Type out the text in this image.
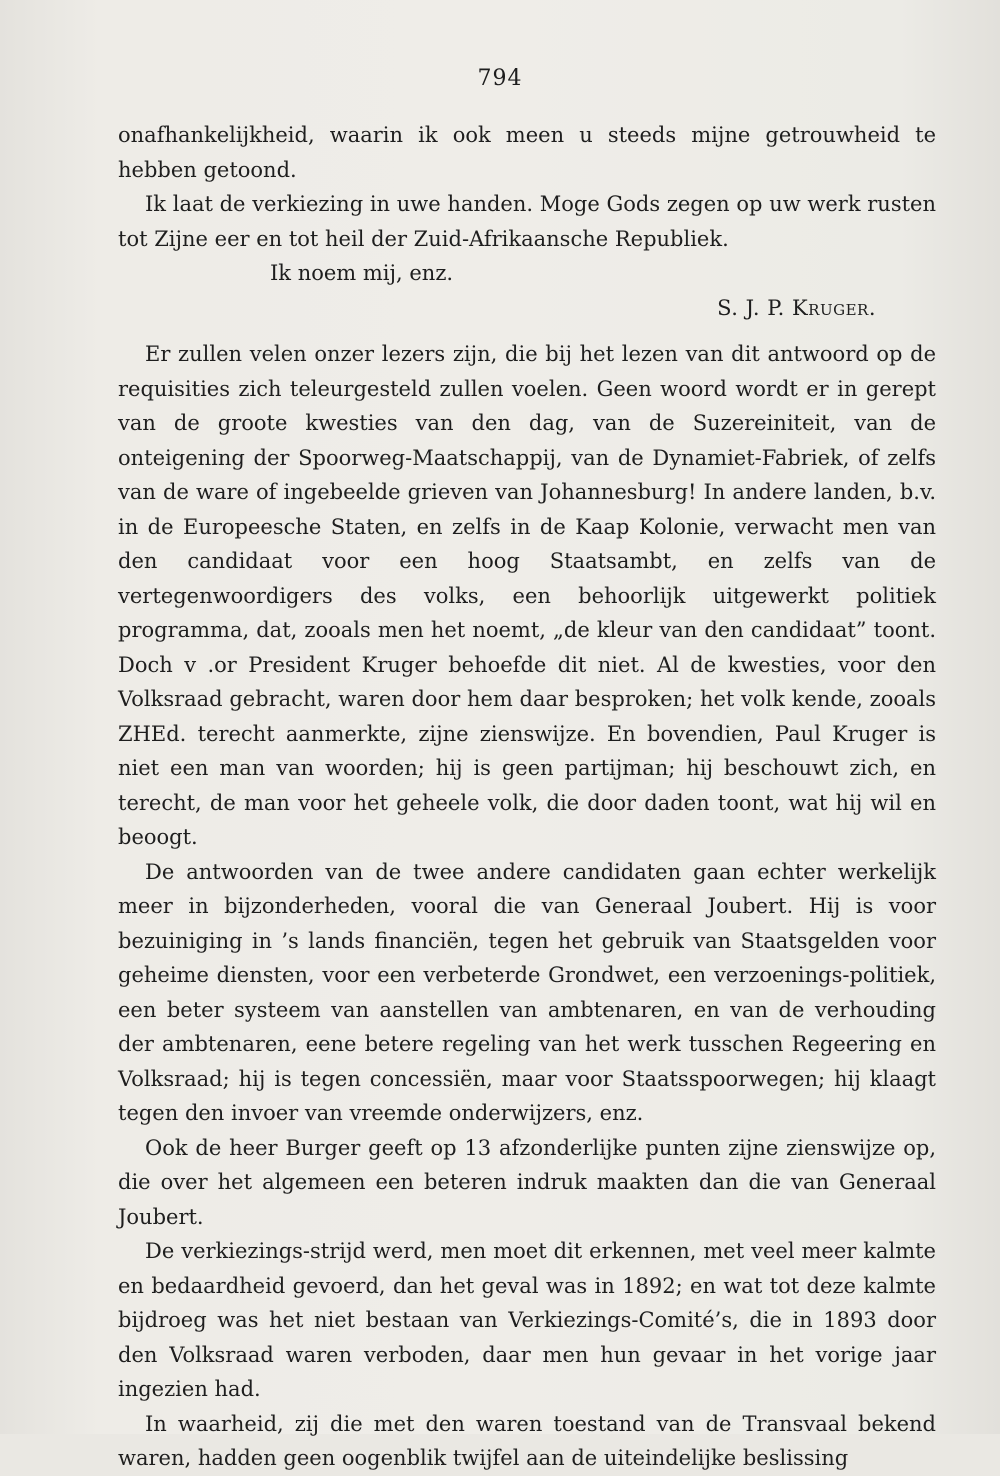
794

onafhankelijkheid, waarin ik ook meen u steeds mijne getrouwheid te hebben getoond.

Ik laat de verkiezing in uwe handen. Moge Gods zegen op uw werk rusten tot Zijne eer en tot heil der Zuid-Afrikaansche Republiek.

Ik noem mij, enz.

S. J. P. Kruger.

Er zullen velen onzer lezers zijn, die bij het lezen van dit antwoord op de requisities zich teleurgesteld zullen voelen. Geen woord wordt er in gerept van de groote kwesties van den dag, van de Suzereiniteit, van de onteigening der Spoorweg-Maatschappij, van de Dynamiet-Fabriek, of zelfs van de ware of ingebeelde grieven van Johannesburg! In andere landen, b.v. in de Europeesche Staten, en zelfs in de Kaap Kolonie, verwacht men van den candidaat voor een hoog Staatsambt, en zelfs van de vertegenwoordigers des volks, een behoorlijk uitgewerkt politiek programma, dat, zooals men het noemt, „de kleur van den candidaat” toont. Doch v .or President Kruger behoefde dit niet. Al de kwesties, voor den Volksraad gebracht, waren door hem daar besproken; het volk kende, zooals ZHEd. terecht aanmerkte, zijne zienswijze. En bovendien, Paul Kruger is niet een man van woorden; hij is geen partijman; hij beschouwt zich, en terecht, de man voor het geheele volk, die door daden toont, wat hij wil en beoogt.

De antwoorden van de twee andere candidaten gaan echter werkelijk meer in bijzonderheden, vooral die van Generaal Joubert. Hij is voor bezuiniging in ’s lands financiën, tegen het gebruik van Staatsgelden voor geheime diensten, voor een verbeterde Grondwet, een verzoenings-politiek, een beter systeem van aanstellen van ambtenaren, en van de verhouding der ambtenaren, eene betere regeling van het werk tusschen Regeering en Volksraad; hij is tegen concessiën, maar voor Staatsspoorwegen; hij klaagt tegen den invoer van vreemde onderwijzers, enz.

Ook de heer Burger geeft op 13 afzonderlijke punten zijne zienswijze op, die over het algemeen een beteren indruk maakten dan die van Generaal Joubert.

De verkiezings-strijd werd, men moet dit erkennen, met veel meer kalmte en bedaardheid gevoerd, dan het geval was in 1892; en wat tot deze kalmte bijdroeg was het niet bestaan van Verkiezings-Comité’s, die in 1893 door den Volksraad waren verboden, daar men hun gevaar in het vorige jaar ingezien had.

In waarheid, zij die met den waren toestand van de Transvaal bekend waren, hadden geen oogenblik twijfel aan de uiteindelijke beslissing
